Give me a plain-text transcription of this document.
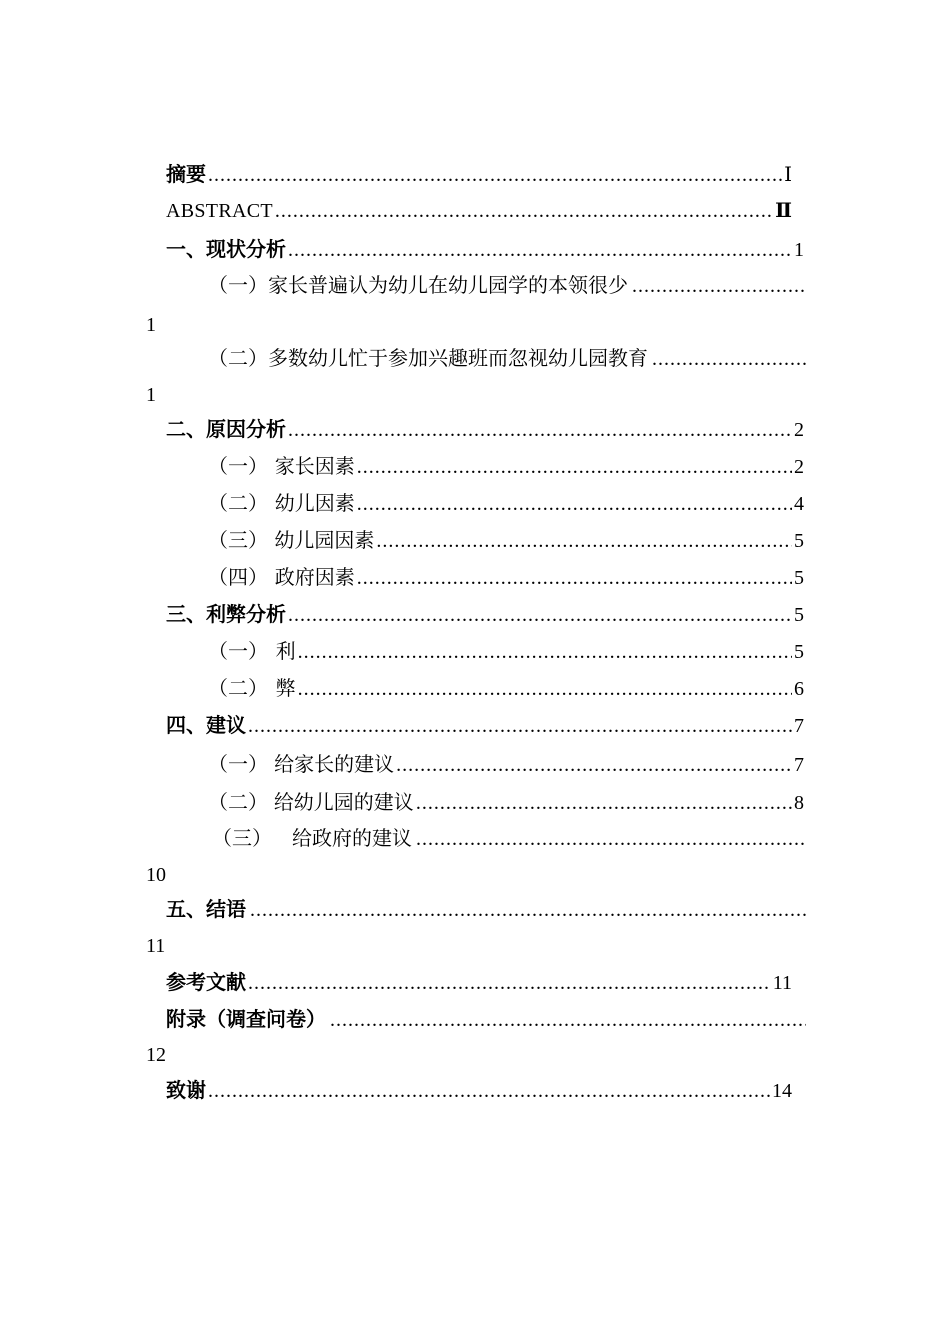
摘要 .....	Ⅰ
ABSTRACT .....	Ⅱ
一、现状分析 .....	1
（一）家长普遍认为幼儿在幼儿园学的本领很少 .....
1
（二）多数幼儿忙于参加兴趣班而忽视幼儿园教育 .....
1
二、原因分析 .....	2
（一） 家长因素 .....	2
（二） 幼儿因素 .....	4
（三） 幼儿园因素 .....	5
（四） 政府因素 .....	5
三、利弊分析 .....	5
（一） 利 .....	5
（二） 弊 .....	6
四、建议 .....	7
（一） 给家长的建议 .....	7
（二） 给幼儿园的建议 .....	8
（三） 给政府的建议 .....
10
五、结语 .....
11
参考文献 .....	11
附录（调查问卷） .....
12
致谢 .....	14
